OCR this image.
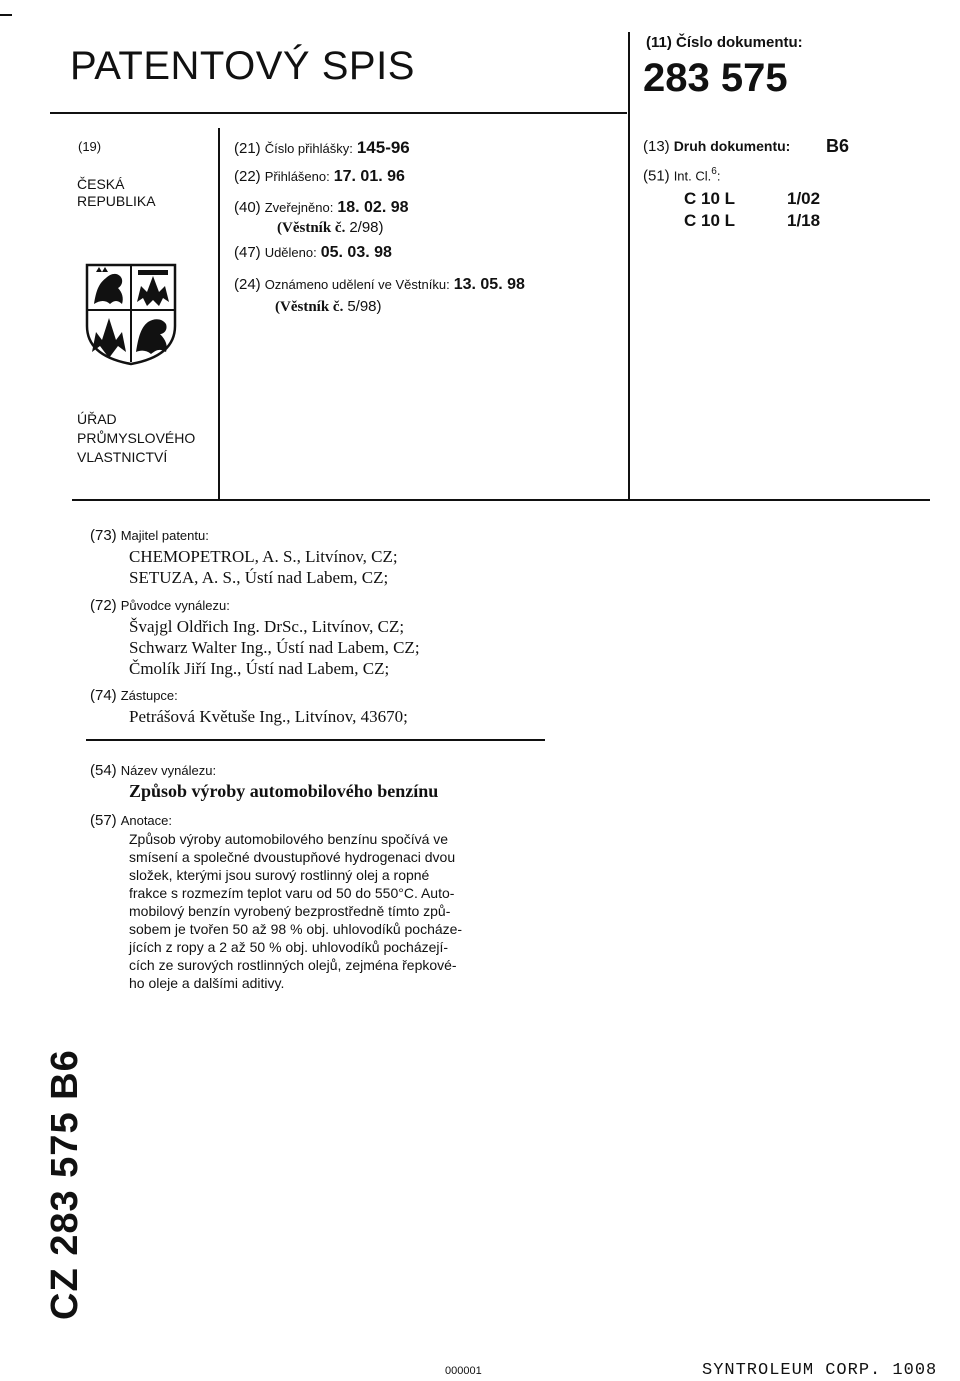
PATENTOVÝ SPIS
(11) Číslo dokumentu:
283 575
(19)
ČESKÁ
REPUBLIKA
ÚŘAD
PRŮMYSLOVÉHO
VLASTNICTVÍ
(21) Číslo přihlášky: 145-96
(22) Přihlášeno: 17. 01. 96
(40) Zveřejněno: 18. 02. 98
(Věstník č. 2/98)
(47) Uděleno: 05. 03. 98
(24) Oznámeno udělení ve Věstníku: 13. 05. 98
(Věstník č. 5/98)
(13) Druh dokumentu: B6
(51) Int. Cl.$^6$:
C 10 L	1/02
C 10 L	1/18
(73) Majitel patentu:
CHEMOPETROL, A. S., Litvínov, CZ;
SETUZA, A. S., Ústí nad Labem, CZ;
(72) Původce vynálezu:
Švajgl Oldřich Ing. DrSc., Litvínov, CZ;
Schwarz Walter Ing., Ústí nad Labem, CZ;
Čmolík Jiří Ing., Ústí nad Labem, CZ;
(74) Zástupce:
Petrášová Květuše Ing., Litvínov, 43670;
(54) Název vynálezu:
Způsob výroby automobilového benzínu
(57) Anotace:
Způsob výroby automobilového benzínu spočívá ve
smísení a společné dvoustupňové hydrogenaci dvou
složek, kterými jsou surový rostlinný olej a ropné
frakce s rozmezím teplot varu od 50 do 550°C. Auto-
mobilový benzín vyrobený bezprostředně tímto způ-
sobem je tvořen 50 až 98 % obj. uhlovodíků pocháze-
jících z ropy a 2 až 50 % obj. uhlovodíků pocházejí-
cích ze surových rostlinných olejů, zejména řepkové-
ho oleje a dalšími aditivy.
CZ 283 575 B6
000001	SYNTROLEUM CORP. 1008
